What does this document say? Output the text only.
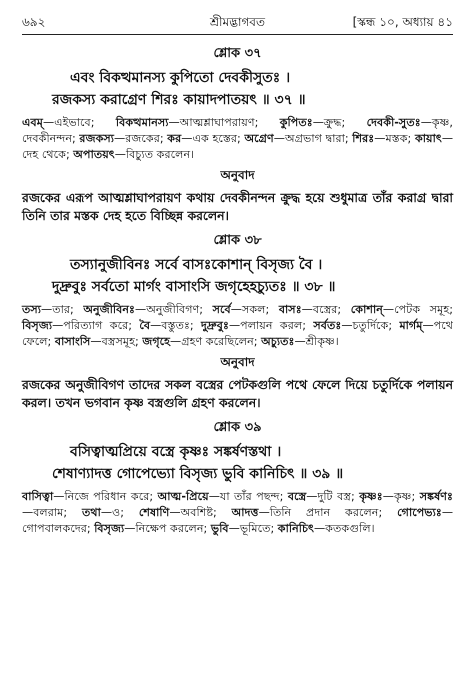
৬৯২	শ্রীমদ্ভাগবত	[স্কন্ধ ১০, অধ্যায় ৪১
শ্লোক ৩৭

এবং বিকত্থমানস্য কুপিতো দেবকীসুতঃ ।
রজকস্য করাগ্রেণ শিরঃ কায়াদপাতয়ৎ ॥ ৩৭ ॥

এবম্—এইভাবে; বিকত্থমানস্য—আত্মশ্লাঘাপরায়ণ; কুপিতঃ—ক্রুদ্ধ; দেবকী-সুতঃ—কৃষ্ণ, দেবকীনন্দন; রজকস্য—রজকের; কর—এক হস্তের; অগ্রেণ—অগ্রভাগ দ্বারা; শিরঃ—মস্তক; কায়াৎ—দেহ থেকে; অপাতয়ৎ—বিচ্যুত করলেন।

অনুবাদ

রজকের এরূপ আত্মশ্লাঘাপরায়ণ কথায় দেবকীনন্দন ক্রুদ্ধ হয়ে শুধুমাত্র তাঁর করাগ্র দ্বারা তিনি তার মস্তক দেহ হতে বিচ্ছিন্ন করলেন।

শ্লোক ৩৮

তস্যানুজীবিনঃ সর্বে বাসঃকোশান্ বিসৃজ্য বৈ ।
দুদ্রুবুঃ সর্বতো মার্গং বাসাংসি জগৃহেহচ্যুতঃ ॥ ৩৮ ॥

তস্য—তার; অনুজীবিনঃ—অনুজীবিগণ; সর্বে—সকল; বাসঃ—বস্ত্রের; কোশান্—পেটক সমূহ; বিসৃজ্য—পরিত্যাগ করে; বৈ—বস্তুতঃ; দুদ্রুবুঃ—পলায়ন করল; সর্বতঃ—চতুর্দিকে; মার্গম্—পথে ফেলে; বাসাংসি—বস্ত্রসমূহ; জগৃহে—গ্রহণ করেছিলেন; অচ্যুতঃ—শ্রীকৃষ্ণ।

অনুবাদ

রজকের অনুজীবিগণ তাদের সকল বস্ত্রের পেটকগুলি পথে ফেলে দিয়ে চতুর্দিকে পলায়ন করল। তখন ভগবান কৃষ্ণ বস্ত্রগুলি গ্রহণ করলেন।

শ্লোক ৩৯

বসিত্বাত্মপ্রিয়ে বস্ত্রে কৃষ্ণঃ সঙ্কর্ষণস্তথা ।
শেষাণ্যাদত্ত গোপেভ্যো বিসৃজ্য ভুবি কানিচিৎ ॥ ৩৯ ॥

বাসিত্বা—নিজে পরিধান করে; আত্ম-প্রিয়ে—যা তাঁর পছন্দ; বস্ত্রে—দুটি বস্ত্র; কৃষ্ণঃ—কৃষ্ণ; সঙ্কর্ষণঃ—বলরাম; তথা—ও; শেষাণি—অবশিষ্ট; আদত্ত—তিনি প্রদান করলেন; গোপেভ্যঃ—গোপবালকদের; বিসৃজ্য—নিক্ষেপ করলেন; ভুবি—ভূমিতে; কানিচিৎ—কতকগুলি।
